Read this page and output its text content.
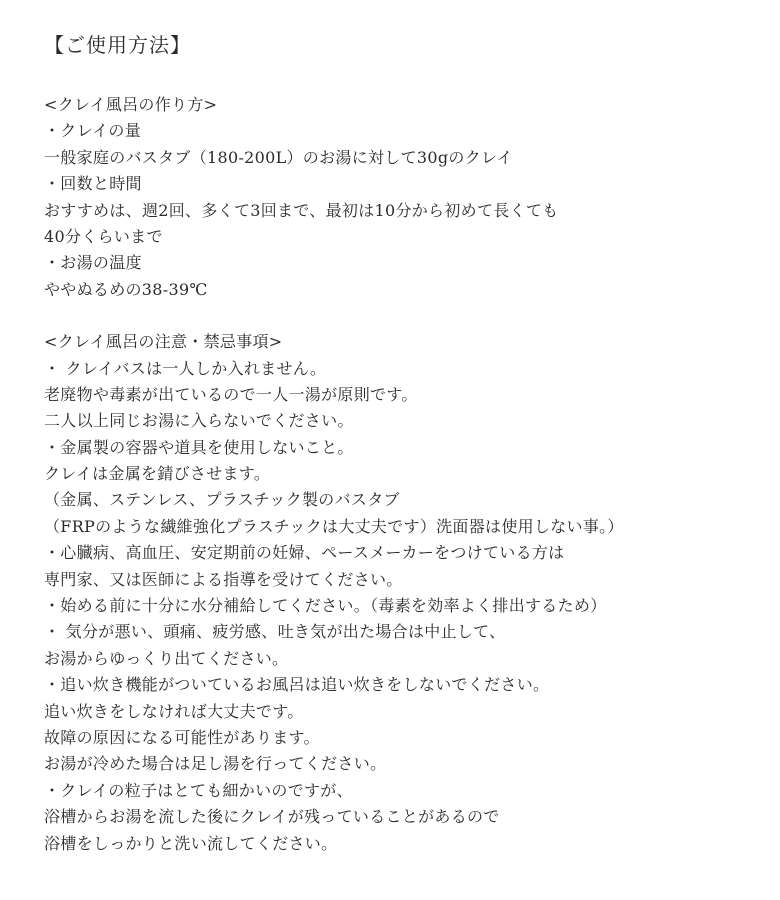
【ご使用方法】
<クレイ風呂の作り方>
・クレイの量
一般家庭のバスタブ（180-200L）のお湯に対して30gのクレイ
・回数と時間
おすすめは、週2回、多くて3回まで、最初は10分から初めて長くても
40分くらいまで
・お湯の温度
ややぬるめの38-39℃
<クレイ風呂の注意・禁忌事項>
・ クレイバスは一人しか入れません。
老廃物や毒素が出ているので一人一湯が原則です。
二人以上同じお湯に入らないでください。
・金属製の容器や道具を使用しないこと。
クレイは金属を錆びさせます。
（金属、ステンレス、プラスチック製のバスタブ
（FRPのような繊維強化プラスチックは大丈夫です）洗面器は使用しない事。）
・心臓病、高血圧、安定期前の妊婦、ペースメーカーをつけている方は
専門家、又は医師による指導を受けてください。
・始める前に十分に水分補給してください。（毒素を効率よく排出するため）
・ 気分が悪い、頭痛、疲労感、吐き気が出た場合は中止して、
お湯からゆっくり出てください。
・追い炊き機能がついているお風呂は追い炊きをしないでください。
追い炊きをしなければ大丈夫です。
故障の原因になる可能性があります。
お湯が冷めた場合は足し湯を行ってください。
・クレイの粒子はとても細かいのですが、
浴槽からお湯を流した後にクレイが残っていることがあるので
浴槽をしっかりと洗い流してください。
